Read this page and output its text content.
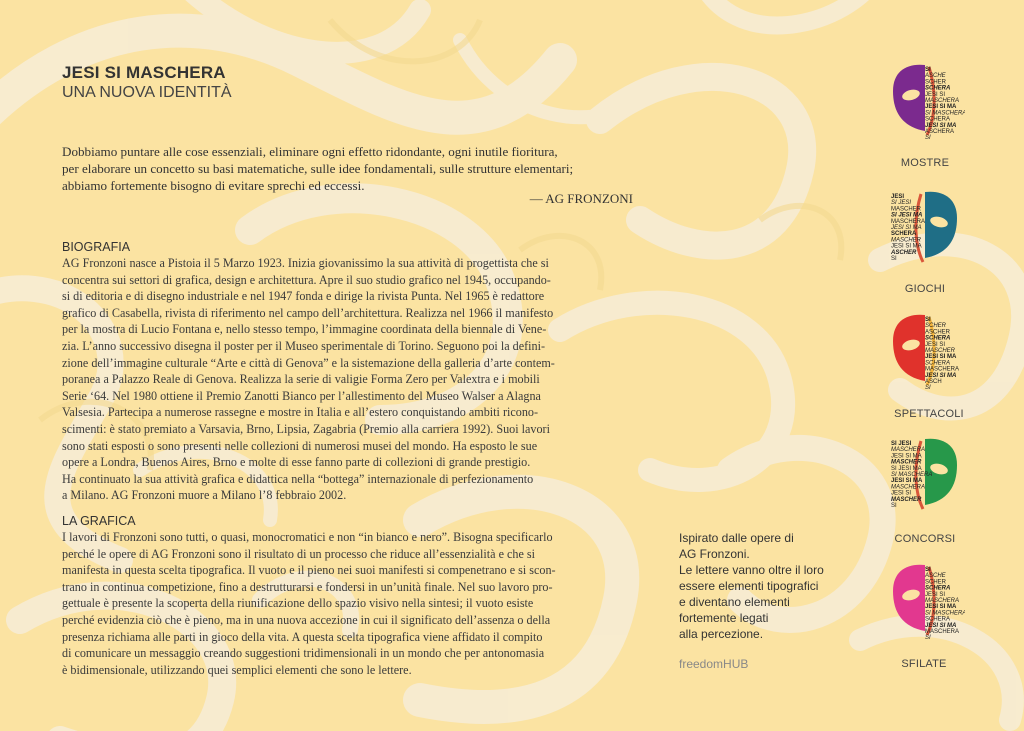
JESI SI MASCHERA
UNA NUOVA IDENTITÀ

Dobbiamo puntare alle cose essenziali, eliminare ogni effetto ridondante, ogni inutile fioritura,

per elaborare un concetto su basi matematiche, sulle idee fondamentali, sulle strutture elementari;

abbiamo fortemente bisogno di evitare sprechi ed eccessi.

— AG FRONZONI
BIOGRAFIA

AG Fronzoni nasce a Pistoia il 5 Marzo 1923. Inizia giovanissimo la sua attività di progettista che si

concentra sui settori di grafica, design e architettura. Apre il suo studio grafico nel 1945, occupando-

si di editoria e di disegno industriale e nel 1947 fonda e dirige la rivista Punta. Nel 1965 è redattore

grafico di Casabella, rivista di riferimento nel campo dell’architettura. Realizza nel 1966 il manifesto

per la mostra di Lucio Fontana e, nello stesso tempo, l’immagine coordinata della biennale di Vene-

zia. L’anno successivo disegna il poster per il Museo sperimentale di Torino. Seguono poi la defini-

zione dell’immagine culturale “Arte e città di Genova” e la sistemazione della galleria d’arte contem-

poranea a Palazzo Reale di Genova. Realizza la serie di valigie Forma Zero per Valextra e i mobili

Serie ‘64. Nel 1980 ottiene il Premio Zanotti Bianco per l’allestimento del Museo Walser a Alagna

Valsesia. Partecipa a numerose rassegne e mostre in Italia e all’estero conquistando ambiti ricono-

scimenti: è stato premiato a Varsavia, Brno, Lipsia, Zagabria (Premio alla carriera 1992). Suoi lavori

sono stati esposti o sono presenti nelle collezioni di numerosi musei del mondo. Ha esposto le sue

opere a Londra, Buenos Aires, Brno e molte di esse fanno parte di collezioni di grande prestigio.

Ha continuato la sua attività grafica e didattica nella “bottega” internazionale di perfezionamento

a Milano. AG Fronzoni muore a Milano l’8 febbraio 2002.

LA GRAFICA

I lavori di Fronzoni sono tutti, o quasi, monocromatici e non “in bianco e nero”. Bisogna specificarlo

perché le opere di AG Fronzoni sono il risultato di un processo che riduce all’essenzialità e che si

manifesta in questa scelta tipografica. Il vuoto e il pieno nei suoi manifesti si compenetrano e si scon-

trano in continua competizione, fino a destrutturarsi e fondersi in un’unità finale. Nel suo lavoro pro-

gettuale è presente la scoperta della riunificazione dello spazio visivo nella sintesi; il vuoto esiste

perché evidenzia ciò che è pieno, ma in una nuova accezione in cui il significato dell’assenza o della

presenza richiama alle parti in gioco della vita. A questa scelta tipografica viene affidato il compito

di comunicare un messaggio creando suggestioni tridimensionali in un mondo che per antonomasia

è bidimensionale, utilizzando quei semplici elementi che sono le lettere.

Ispirato dalle opere di
AG Fronzoni.
Le lettere vanno oltre il loro
essere elementi tipografici
e diventano elementi
fortemente legati
alla percezione.
freedomHUB
SI
ASCHE
SCHER
SCHERA
JESI SI
MASCHERA
JESI SI MA
SI MASCHERA
SCHERA
JESI SI MA
ASCHERA
SI
MOSTRE
JESI
SI JESI
MASCHER
SI JESI MA
MASCHERA
JESI SI MA
SCHERA
MASCHER
JESI SI MA
ASCHER
SI
GIOCHI
SI
SCHER
ASCHER
SCHERA
JESI SI
MASCHER
JESI SI MA
SCHERA
MASCHERA
JESI SI MA
ASCH
SI
SPETTACOLI
SI JESI
MASCHERA
JESI SI MA
MASCHER
SI JESI MA
SI MASCHERA
JESI SI MA
MASCHERA
JESI SI
MASCHER
SI
CONCORSI
SI
ASCHE
SCHER
SCHERA
JESI SI
MASCHERA
JESI SI MA
SI MASCHERA
SCHERA
JESI SI MA
MASCHERA
SI
SFILATE
